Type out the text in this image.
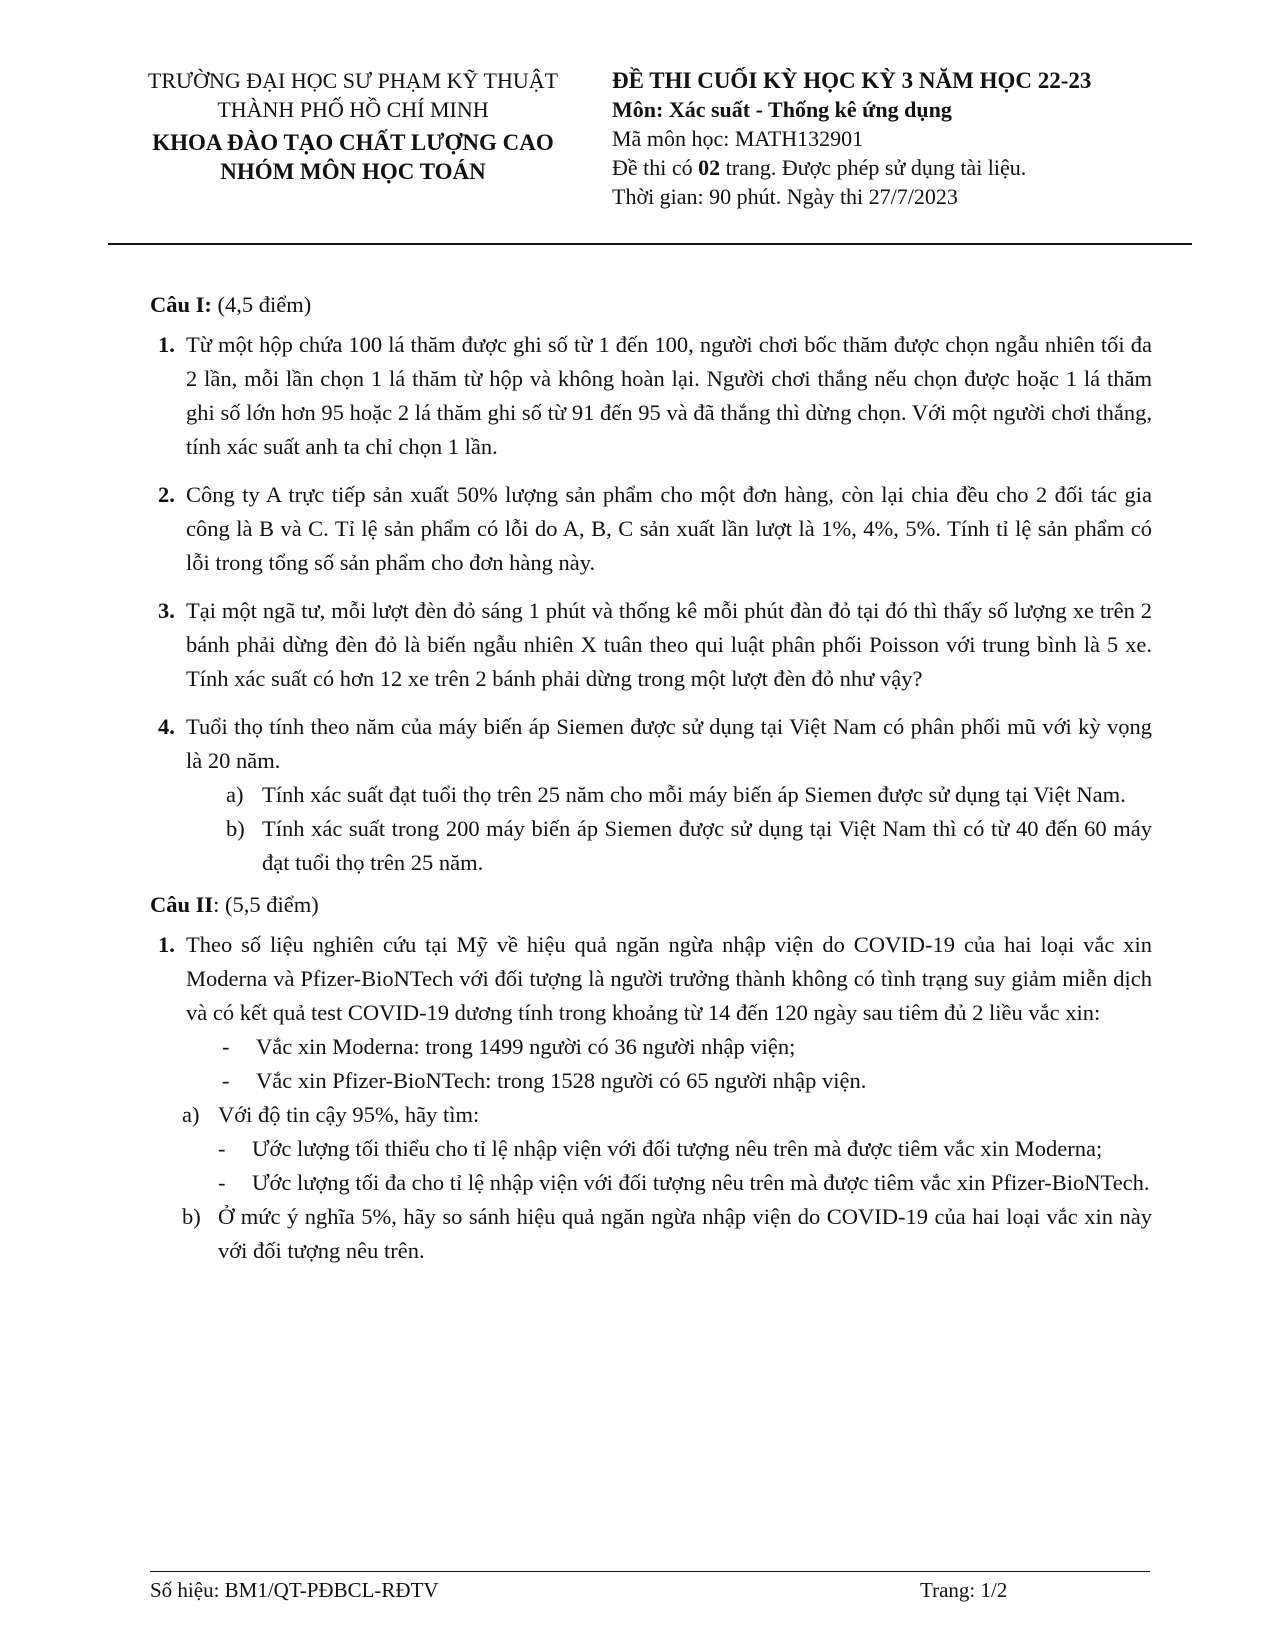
TRƯỜNG ĐẠI HỌC SƯ PHẠM KỸ THUẬT
THÀNH PHỐ HỒ CHÍ MINH
KHOA ĐÀO TẠO CHẤT LƯỢNG CAO
NHÓM MÔN HỌC TOÁN
ĐỀ THI CUỐI KỲ HỌC KỲ 3 NĂM HỌC 22-23
Môn: Xác suất - Thống kê ứng dụng
Mã môn học: MATH132901
Đề thi có 02 trang. Được phép sử dụng tài liệu.
Thời gian: 90 phút. Ngày thi 27/7/2023
Câu I: (4,5 điểm)
1. Từ một hộp chứa 100 lá thăm được ghi số từ 1 đến 100, người chơi bốc thăm được chọn ngẫu nhiên tối đa 2 lần, mỗi lần chọn 1 lá thăm từ hộp và không hoàn lại. Người chơi thắng nếu chọn được hoặc 1 lá thăm ghi số lớn hơn 95 hoặc 2 lá thăm ghi số từ 91 đến 95 và đã thắng thì dừng chọn. Với một người chơi thắng, tính xác suất anh ta chỉ chọn 1 lần.
2. Công ty A trực tiếp sản xuất 50% lượng sản phẩm cho một đơn hàng, còn lại chia đều cho 2 đối tác gia công là B và C. Tỉ lệ sản phẩm có lỗi do A, B, C sản xuất lần lượt là 1%, 4%, 5%. Tính tỉ lệ sản phẩm có lỗi trong tổng số sản phẩm cho đơn hàng này.
3. Tại một ngã tư, mỗi lượt đèn đỏ sáng 1 phút và thống kê mỗi phút đàn đỏ tại đó thì thấy số lượng xe trên 2 bánh phải dừng đèn đỏ là biến ngẫu nhiên X tuân theo qui luật phân phối Poisson với trung bình là 5 xe. Tính xác suất có hơn 12 xe trên 2 bánh phải dừng trong một lượt đèn đỏ như vậy?
4. Tuổi thọ tính theo năm của máy biến áp Siemen được sử dụng tại Việt Nam có phân phối mũ với kỳ vọng là 20 năm.
a) Tính xác suất đạt tuổi thọ trên 25 năm cho mỗi máy biến áp Siemen được sử dụng tại Việt Nam.
b) Tính xác suất trong 200 máy biến áp Siemen được sử dụng tại Việt Nam thì có từ 40 đến 60 máy đạt tuổi thọ trên 25 năm.
Câu II: (5,5 điểm)
1. Theo số liệu nghiên cứu tại Mỹ về hiệu quả ngăn ngừa nhập viện do COVID-19 của hai loại vắc xin Moderna và Pfizer-BioNTech với đối tượng là người trưởng thành không có tình trạng suy giảm miễn dịch và có kết quả test COVID-19 dương tính trong khoảng từ 14 đến 120 ngày sau tiêm đủ 2 liều vắc xin:
-	Vắc xin Moderna: trong 1499 người có 36 người nhập viện;
-	Vắc xin Pfizer-BioNTech: trong 1528 người có 65 người nhập viện.
a) Với độ tin cậy 95%, hãy tìm:
-	Ước lượng tối thiểu cho tỉ lệ nhập viện với đối tượng nêu trên mà được tiêm vắc xin Moderna;
-	Ước lượng tối đa cho tỉ lệ nhập viện với đối tượng nêu trên mà được tiêm vắc xin Pfizer-BioNTech.
b) Ở mức ý nghĩa 5%, hãy so sánh hiệu quả ngăn ngừa nhập viện do COVID-19 của hai loại vắc xin này với đối tượng nêu trên.
Số hiệu: BM1/QT-PĐBCL-RĐTV	Trang: 1/2
